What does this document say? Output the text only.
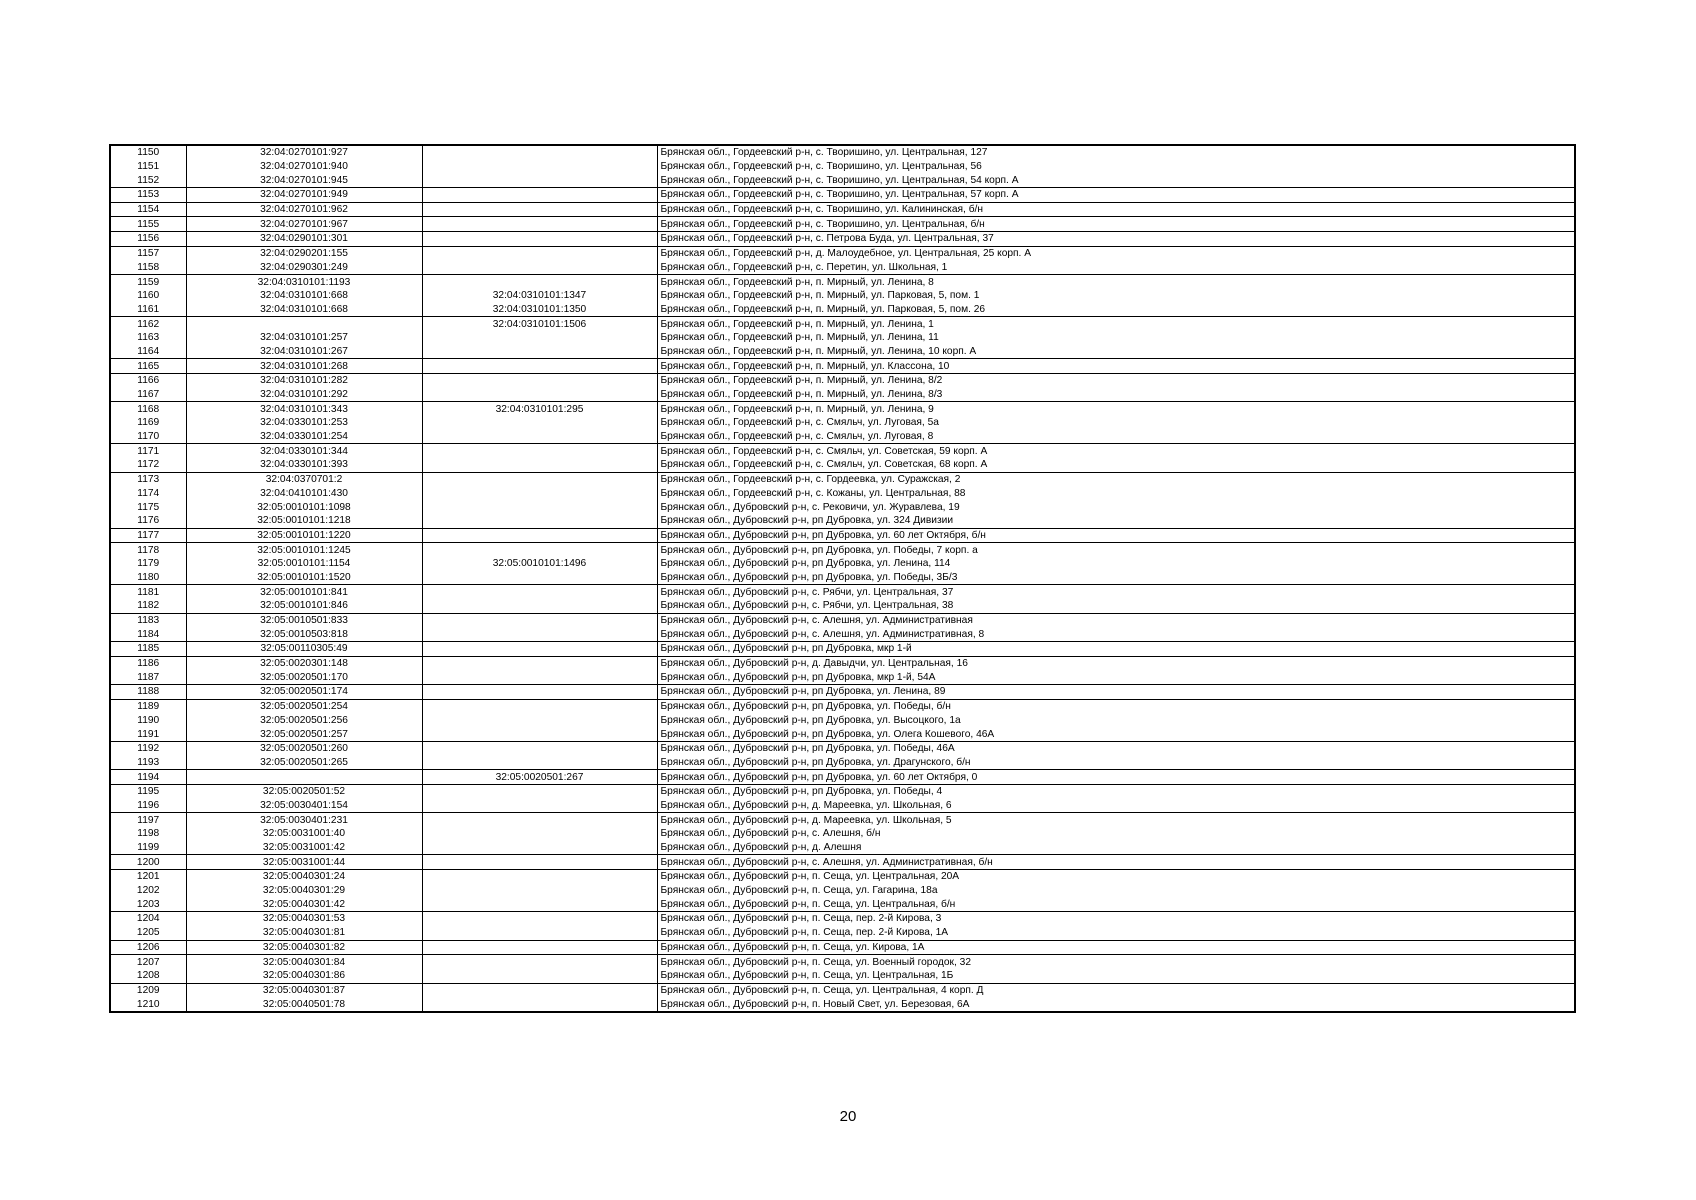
1150	32:04:0270101:927		Брянская обл., Гордеевский р-н, с. Творишино, ул. Центральная, 127
1151	32:04:0270101:940		Брянская обл., Гордеевский р-н, с. Творишино, ул. Центральная, 56
1152	32:04:0270101:945		Брянская обл., Гордеевский р-н, с. Творишино, ул. Центральная, 54 корп. А
1153	32:04:0270101:949		Брянская обл., Гордеевский р-н, с. Творишино, ул. Центральная, 57 корп. А
1154	32:04:0270101:962		Брянская обл., Гордеевский р-н, с. Творишино, ул. Калининская, б/н
1155	32:04:0270101:967		Брянская обл., Гордеевский р-н, с. Творишино, ул. Центральная, б/н
1156	32:04:0290101:301		Брянская обл., Гордеевский р-н, с. Петрова Буда, ул. Центральная, 37
1157	32:04:0290201:155		Брянская обл., Гордеевский р-н, д. Малоудебное, ул. Центральная, 25 корп. А
1158	32:04:0290301:249		Брянская обл., Гордеевский р-н, с. Перетин, ул. Школьная, 1
1159	32:04:0310101:1193		Брянская обл., Гордеевский р-н, п. Мирный, ул. Ленина, 8
1160	32:04:0310101:668	32:04:0310101:1347	Брянская обл., Гордеевский р-н, п. Мирный, ул. Парковая, 5, пом. 1
1161	32:04:0310101:668	32:04:0310101:1350	Брянская обл., Гордеевский р-н, п. Мирный, ул. Парковая, 5, пом. 26
1162		32:04:0310101:1506	Брянская обл., Гордеевский р-н, п. Мирный, ул. Ленина, 1
1163	32:04:0310101:257		Брянская обл., Гордеевский р-н, п. Мирный, ул. Ленина, 11
1164	32:04:0310101:267		Брянская обл., Гордеевский р-н, п. Мирный, ул. Ленина, 10 корп. А
1165	32:04:0310101:268		Брянская обл., Гордеевский р-н, п. Мирный, ул. Классона, 10
1166	32:04:0310101:282		Брянская обл., Гордеевский р-н, п. Мирный, ул. Ленина, 8/2
1167	32:04:0310101:292		Брянская обл., Гордеевский р-н, п. Мирный, ул. Ленина, 8/3
1168	32:04:0310101:343	32:04:0310101:295	Брянская обл., Гордеевский р-н, п. Мирный, ул. Ленина, 9
1169	32:04:0330101:253		Брянская обл., Гордеевский р-н, с. Смяльч, ул. Луговая, 5а
1170	32:04:0330101:254		Брянская обл., Гордеевский р-н, с. Смяльч, ул. Луговая, 8
1171	32:04:0330101:344		Брянская обл., Гордеевский р-н, с. Смяльч, ул. Советская, 59 корп. А
1172	32:04:0330101:393		Брянская обл., Гордеевский р-н, с. Смяльч, ул. Советская, 68 корп. А
1173	32:04:0370701:2		Брянская обл., Гордеевский р-н, с. Гордеевка, ул. Суражская, 2
1174	32:04:0410101:430		Брянская обл., Гордеевский р-н, с. Кожаны, ул. Центральная, 88
1175	32:05:0010101:1098		Брянская обл., Дубровский р-н, с. Рековичи, ул. Журавлева, 19
1176	32:05:0010101:1218		Брянская обл., Дубровский р-н, рп Дубровка, ул. 324 Дивизии
1177	32:05:0010101:1220		Брянская обл., Дубровский р-н, рп Дубровка, ул. 60 лет Октября, б/н
1178	32:05:0010101:1245		Брянская обл., Дубровский р-н, рп Дубровка, ул. Победы, 7 корп. а
1179	32:05:0010101:1154	32:05:0010101:1496	Брянская обл., Дубровский р-н, рп Дубровка, ул. Ленина, 114
1180	32:05:0010101:1520		Брянская обл., Дубровский р-н, рп Дубровка, ул. Победы, 3Б/3
1181	32:05:0010101:841		Брянская обл., Дубровский р-н, с. Рябчи, ул. Центральная, 37
1182	32:05:0010101:846		Брянская обл., Дубровский р-н, с. Рябчи, ул. Центральная, 38
1183	32:05:0010501:833		Брянская обл., Дубровский р-н, с. Алешня, ул. Административная
1184	32:05:0010503:818		Брянская обл., Дубровский р-н, с. Алешня, ул. Административная, 8
1185	32:05:00110305:49		Брянская обл., Дубровский р-н, рп Дубровка, мкр 1-й
1186	32:05:0020301:148		Брянская обл., Дубровский р-н, д. Давыдчи, ул. Центральная, 16
1187	32:05:0020501:170		Брянская обл., Дубровский р-н, рп Дубровка, мкр 1-й, 54А
1188	32:05:0020501:174		Брянская обл., Дубровский р-н, рп Дубровка, ул. Ленина, 89
1189	32:05:0020501:254		Брянская обл., Дубровский р-н, рп Дубровка, ул. Победы, б/н
1190	32:05:0020501:256		Брянская обл., Дубровский р-н, рп Дубровка, ул. Высоцкого, 1а
1191	32:05:0020501:257		Брянская обл., Дубровский р-н, рп Дубровка, ул. Олега Кошевого, 46А
1192	32:05:0020501:260		Брянская обл., Дубровский р-н, рп Дубровка, ул. Победы, 46А
1193	32:05:0020501:265		Брянская обл., Дубровский р-н, рп Дубровка, ул. Драгунского, б/н
1194		32:05:0020501:267	Брянская обл., Дубровский р-н, рп Дубровка, ул. 60 лет Октября, 0
1195	32:05:0020501:52		Брянская обл., Дубровский р-н, рп Дубровка, ул. Победы, 4
1196	32:05:0030401:154		Брянская обл., Дубровский р-н, д. Мареевка, ул. Школьная, 6
1197	32:05:0030401:231		Брянская обл., Дубровский р-н, д. Мареевка, ул. Школьная, 5
1198	32:05:0031001:40		Брянская обл., Дубровский р-н, с. Алешня, б/н
1199	32:05:0031001:42		Брянская обл., Дубровский р-н, д. Алешня
1200	32:05:0031001:44		Брянская обл., Дубровский р-н, с. Алешня, ул. Административная, б/н
1201	32:05:0040301:24		Брянская обл., Дубровский р-н, п. Сеща, ул. Центральная, 20А
1202	32:05:0040301:29		Брянская обл., Дубровский р-н, п. Сеща, ул. Гагарина, 18а
1203	32:05:0040301:42		Брянская обл., Дубровский р-н, п. Сеща, ул. Центральная, б/н
1204	32:05:0040301:53		Брянская обл., Дубровский р-н, п. Сеща, пер. 2-й Кирова, 3
1205	32:05:0040301:81		Брянская обл., Дубровский р-н, п. Сеща, пер. 2-й Кирова, 1А
1206	32:05:0040301:82		Брянская обл., Дубровский р-н, п. Сеща, ул. Кирова, 1А
1207	32:05:0040301:84		Брянская обл., Дубровский р-н, п. Сеща, ул. Военный городок, 32
1208	32:05:0040301:86		Брянская обл., Дубровский р-н, п. Сеща, ул. Центральная, 1Б
1209	32:05:0040301:87		Брянская обл., Дубровский р-н, п. Сеща, ул. Центральная, 4 корп. Д
1210	32:05:0040501:78		Брянская обл., Дубровский р-н, п. Новый Свет, ул. Березовая, 6А
20
